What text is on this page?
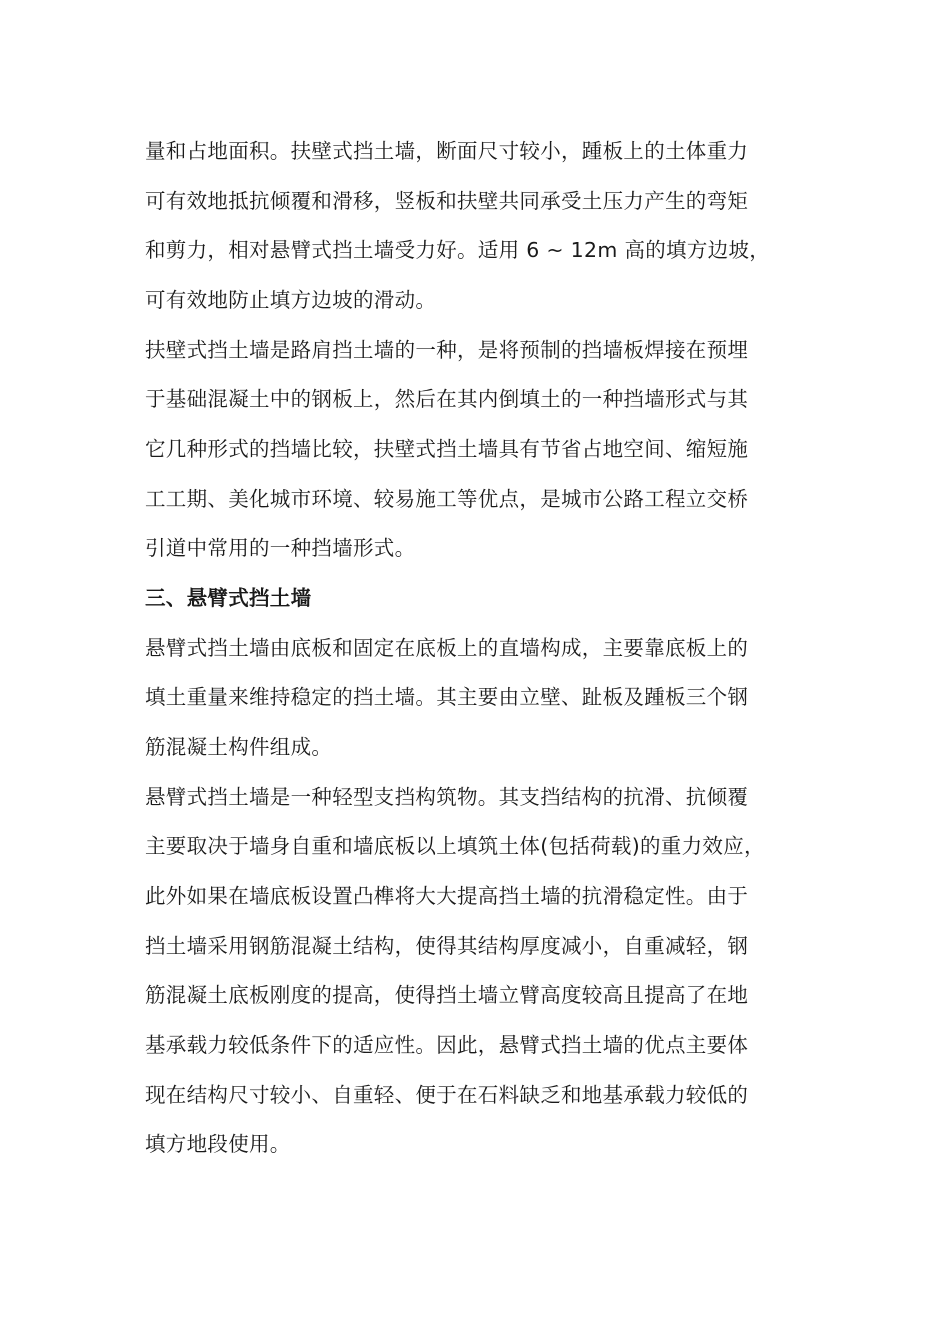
量和占地面积。扶壁式挡土墙，断面尺寸较小，踵板上的土体重力
可有效地抵抗倾覆和滑移，竖板和扶壁共同承受土压力产生的弯矩
和剪力，相对悬臂式挡土墙受力好。适用 6 ~ 12m 高的填方边坡，
可有效地防止填方边坡的滑动。
扶壁式挡土墙是路肩挡土墙的一种，是将预制的挡墙板焊接在预埋
于基础混凝土中的钢板上，然后在其内倒填土的一种挡墙形式与其
它几种形式的挡墙比较，扶壁式挡土墙具有节省占地空间、缩短施
工工期、美化城市环境、较易施工等优点，是城市公路工程立交桥
引道中常用的一种挡墙形式。
三、悬臂式挡土墙
悬臂式挡土墙由底板和固定在底板上的直墙构成，主要靠底板上的
填土重量来维持稳定的挡土墙。其主要由立壁、趾板及踵板三个钢
筋混凝土构件组成。
悬臂式挡土墙是一种轻型支挡构筑物。其支挡结构的抗滑、抗倾覆
主要取决于墙身自重和墙底板以上填筑土体(包括荷载)的重力效应，
此外如果在墙底板设置凸榫将大大提高挡土墙的抗滑稳定性。由于
挡土墙采用钢筋混凝土结构，使得其结构厚度减小，自重减轻，钢
筋混凝土底板刚度的提高，使得挡土墙立臂高度较高且提高了在地
基承载力较低条件下的适应性。因此，悬臂式挡土墙的优点主要体
现在结构尺寸较小、自重轻、便于在石料缺乏和地基承载力较低的
填方地段使用。
